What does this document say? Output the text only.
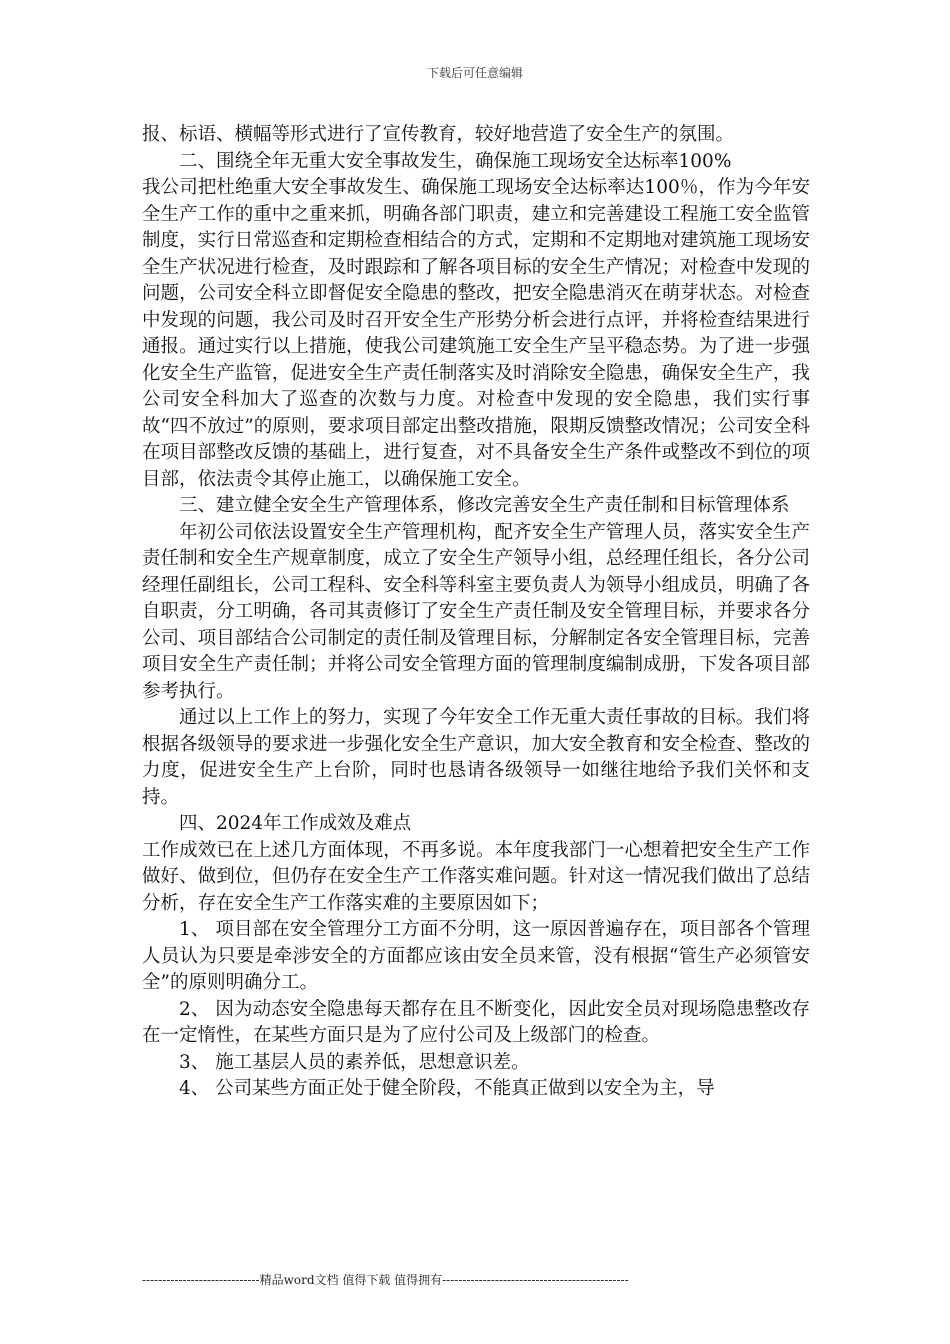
下载后可任意编辑

报、标语、横幅等形式进行了宣传教育，较好地营造了安全生产的氛围。

二、围绕全年无重大安全事故发生，确保施工现场安全达标率100%

我公司把杜绝重大安全事故发生、确保施工现场安全达标率达100％，作为今年安全生产工作的重中之重来抓，明确各部门职责，建立和完善建设工程施工安全监管制度，实行日常巡查和定期检查相结合的方式，定期和不定期地对建筑施工现场安全生产状况进行检查，及时跟踪和了解各项目标的安全生产情况；对检查中发现的问题，公司安全科立即督促安全隐患的整改，把安全隐患消灭在萌芽状态。对检查中发现的问题，我公司及时召开安全生产形势分析会进行点评，并将检查结果进行通报。通过实行以上措施，使我公司建筑施工安全生产呈平稳态势。为了进一步强化安全生产监管，促进安全生产责任制落实及时消除安全隐患，确保安全生产，我公司安全科加大了巡查的次数与力度。对检查中发现的安全隐患，我们实行事故“四不放过”的原则，要求项目部定出整改措施，限期反馈整改情况；公司安全科在项目部整改反馈的基础上，进行复查，对不具备安全生产条件或整改不到位的项目部，依法责令其停止施工，以确保施工安全。

三、建立健全安全生产管理体系，修改完善安全生产责任制和目标管理体系

年初公司依法设置安全生产管理机构，配齐安全生产管理人员，落实安全生产责任制和安全生产规章制度，成立了安全生产领导小组，总经理任组长，各分公司经理任副组长，公司工程科、安全科等科室主要负责人为领导小组成员，明确了各自职责，分工明确，各司其责修订了安全生产责任制及安全管理目标，并要求各分公司、项目部结合公司制定的责任制及管理目标，分解制定各安全管理目标，完善项目安全生产责任制；并将公司安全管理方面的管理制度编制成册，下发各项目部参考执行。

通过以上工作上的努力，实现了今年安全工作无重大责任事故的目标。我们将根据各级领导的要求进一步强化安全生产意识，加大安全教育和安全检查、整改的力度，促进安全生产上台阶，同时也恳请各级领导一如继往地给予我们关怀和支持。

四、2024年工作成效及难点

工作成效已在上述几方面体现，不再多说。本年度我部门一心想着把安全生产工作做好、做到位，但仍存在安全生产工作落实难问题。针对这一情况我们做出了总结分析，存在安全生产工作落实难的主要原因如下；

1、 项目部在安全管理分工方面不分明，这一原因普遍存在，项目部各个管理人员认为只要是牵涉安全的方面都应该由安全员来管，没有根据“管生产必须管安全”的原则明确分工。

2、 因为动态安全隐患每天都存在且不断变化，因此安全员对现场隐患整改存在一定惰性，在某些方面只是为了应付公司及上级部门的检查。

3、 施工基层人员的素养低，思想意识差。

4、 公司某些方面正处于健全阶段，不能真正做到以安全为主，导

-----------------------------精品word文档 值得下载 值得拥有----------------------------------------------
